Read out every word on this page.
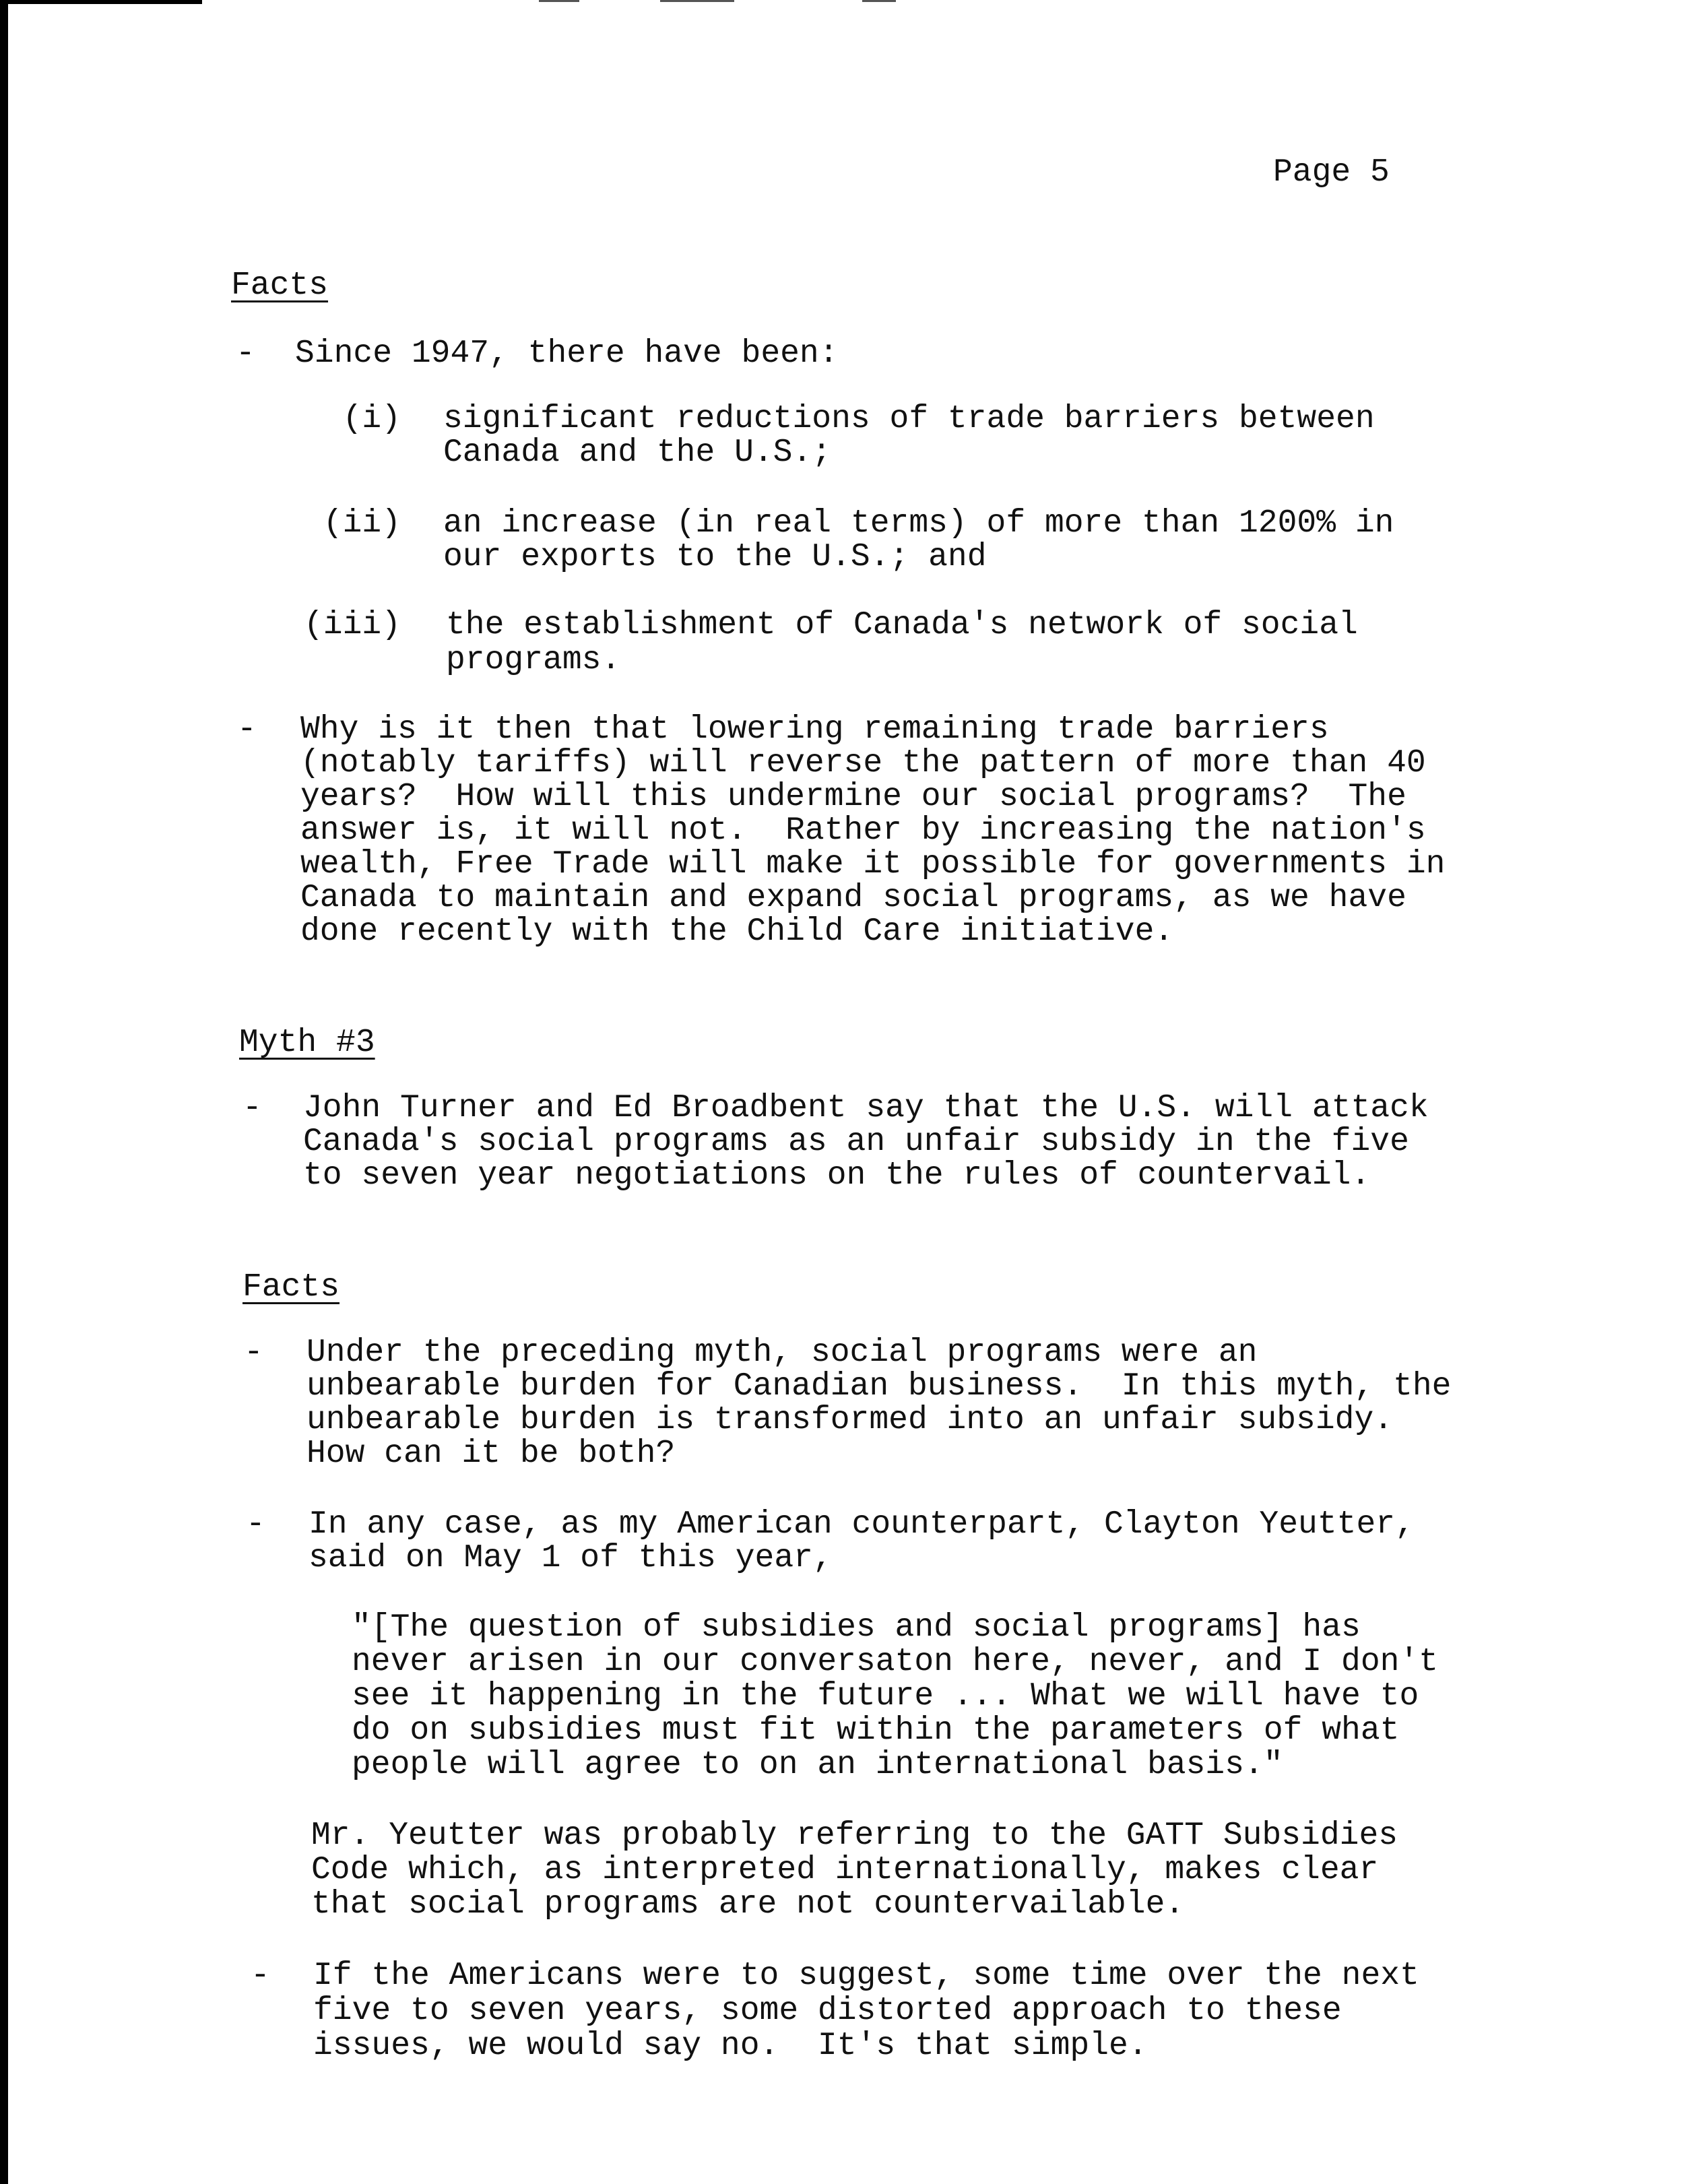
Page 5
Facts
- Since 1947, there have been:
(i) significant reductions of trade barriers between
Canada and the U.S.;
(ii) an increase (in real terms) of more than 1200% in
our exports to the U.S.; and
(iii) the establishment of Canada's network of social
programs.
- Why is it then that lowering remaining trade barriers
(notably tariffs) will reverse the pattern of more than 40
years?  How will this undermine our social programs?  The
answer is, it will not.  Rather by increasing the nation's
wealth, Free Trade will make it possible for governments in
Canada to maintain and expand social programs, as we have
done recently with the Child Care initiative.
Myth #3
- John Turner and Ed Broadbent say that the U.S. will attack
Canada's social programs as an unfair subsidy in the five
to seven year negotiations on the rules of countervail.
Facts
- Under the preceding myth, social programs were an
unbearable burden for Canadian business.  In this myth, the
unbearable burden is transformed into an unfair subsidy.
How can it be both?
- In any case, as my American counterpart, Clayton Yeutter,
said on May 1 of this year,
"[The question of subsidies and social programs] has
never arisen in our conversaton here, never, and I don't
see it happening in the future ... What we will have to
do on subsidies must fit within the parameters of what
people will agree to on an international basis."
Mr. Yeutter was probably referring to the GATT Subsidies
Code which, as interpreted internationally, makes clear
that social programs are not countervailable.
- If the Americans were to suggest, some time over the next
five to seven years, some distorted approach to these
issues, we would say no.  It's that simple.
